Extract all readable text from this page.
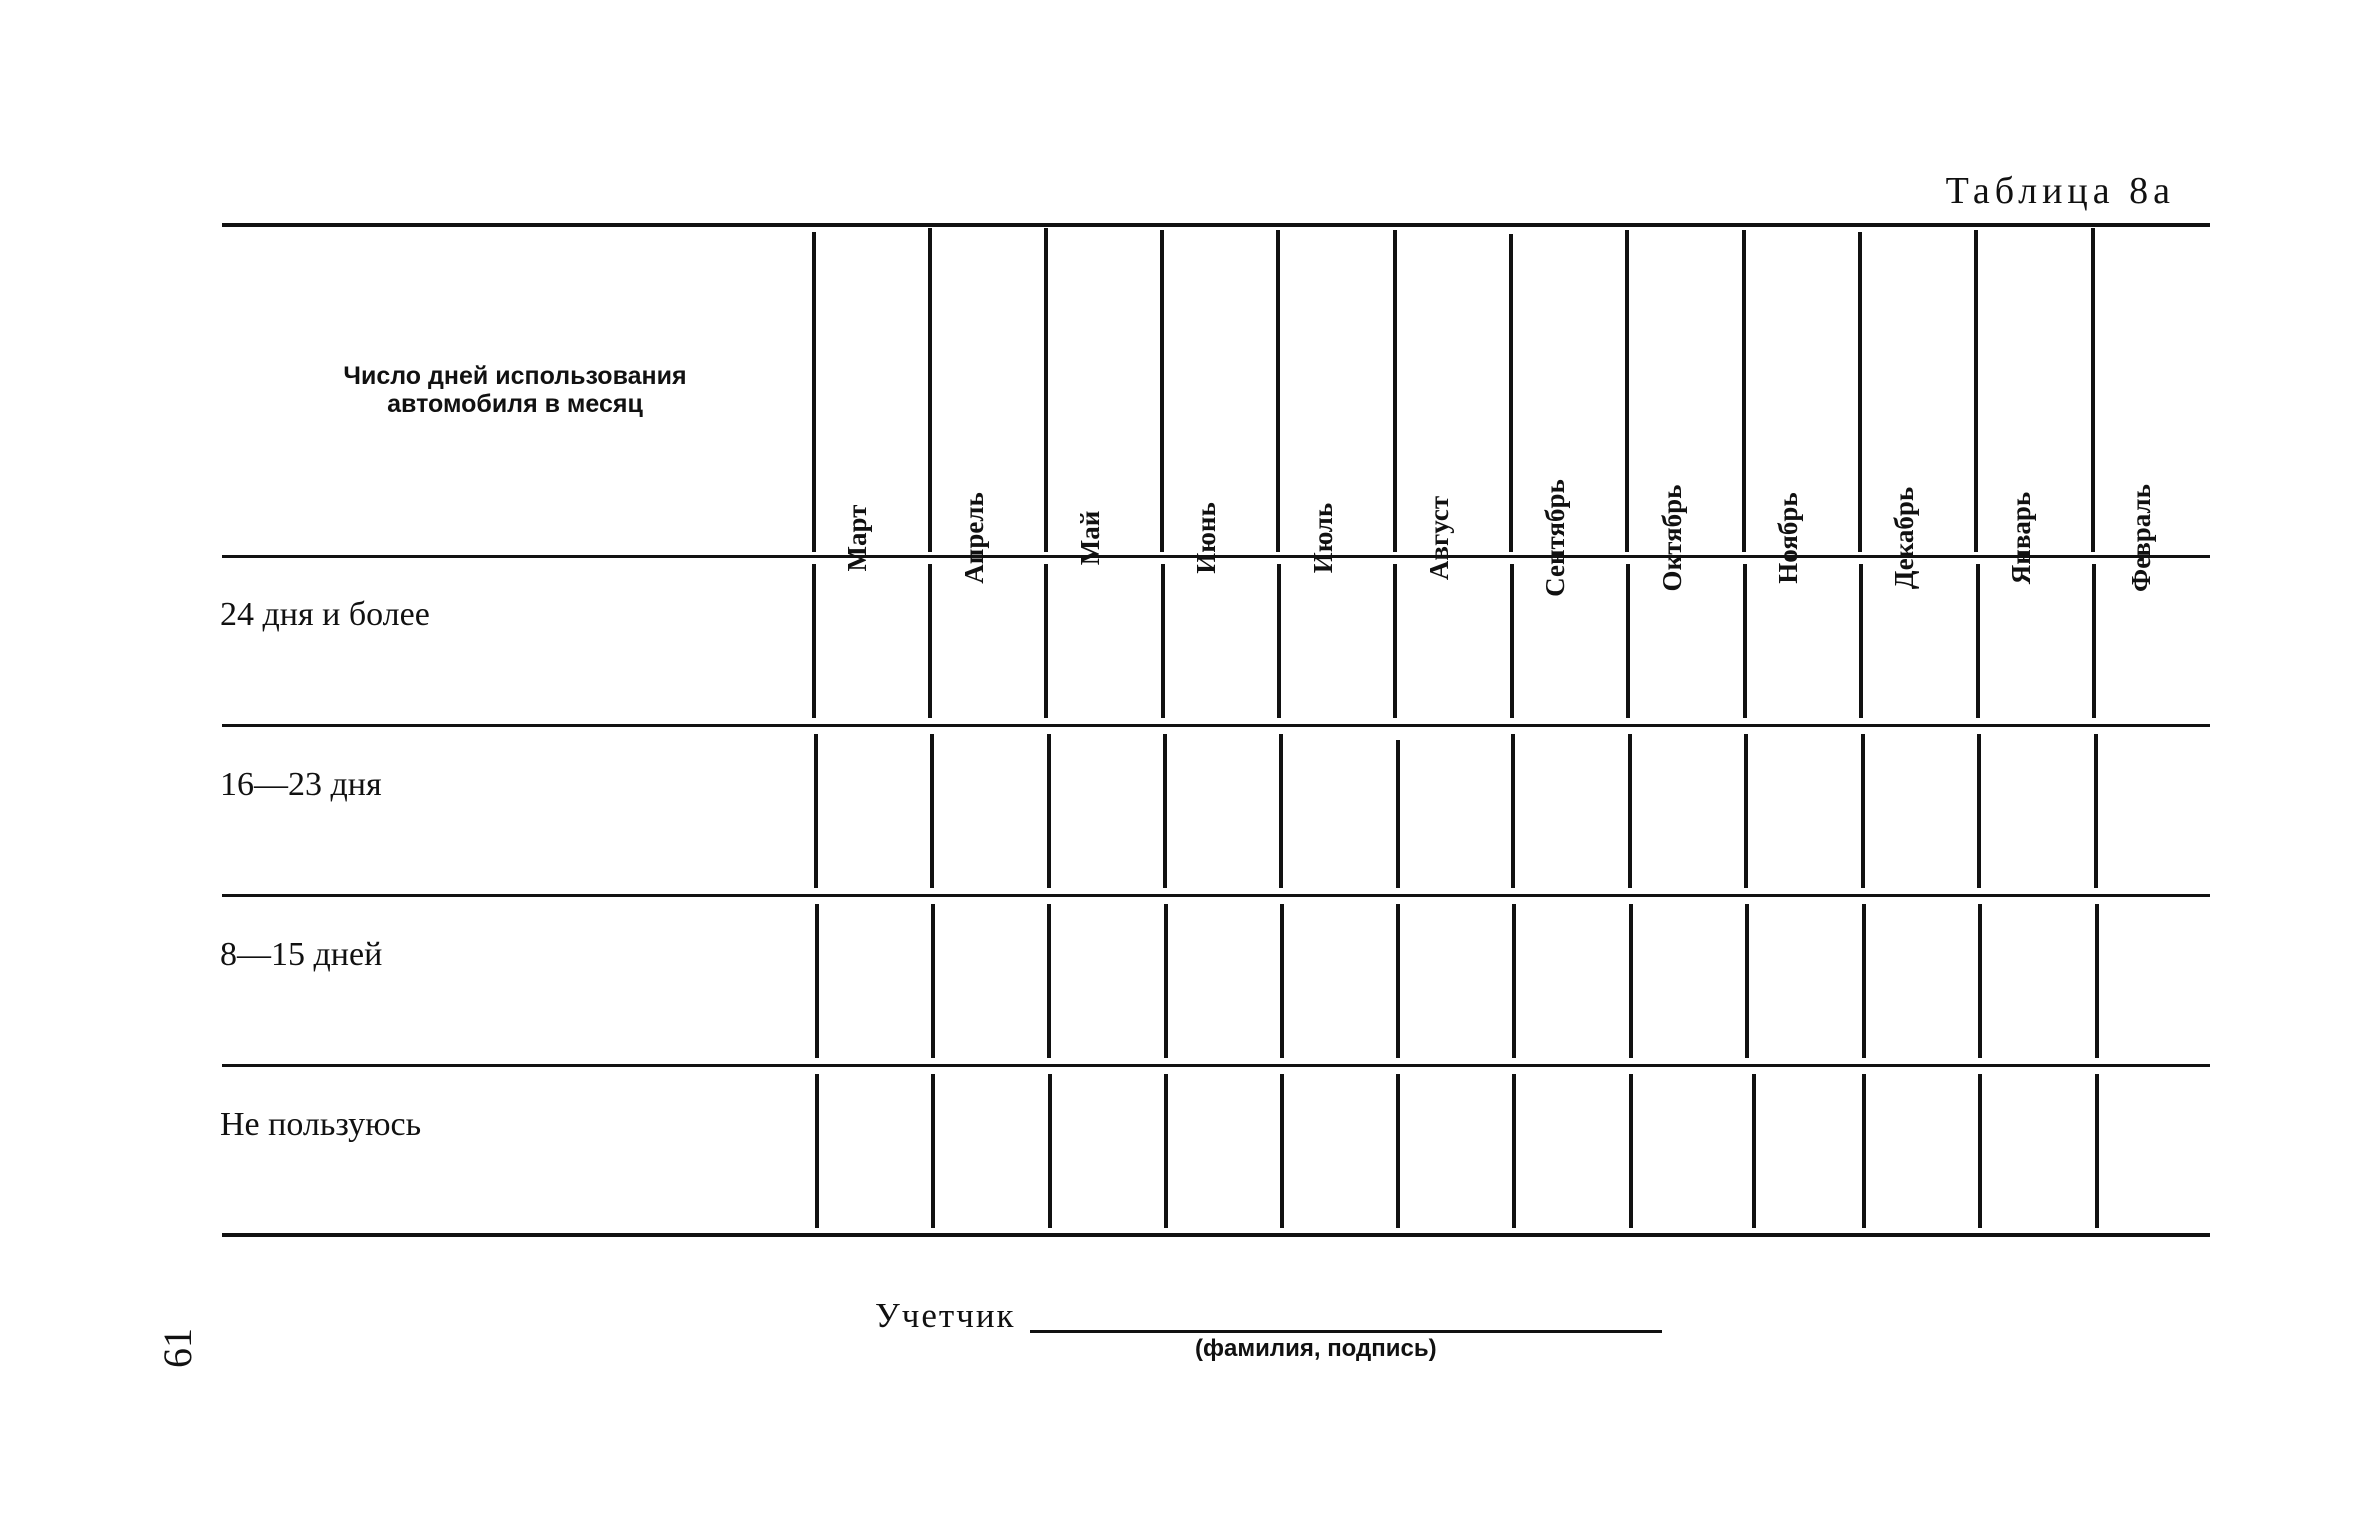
Таблица 8а
Число дней использования автомобиля в месяц
Март	Апрель	Май	Июнь	Июль	Август	Сентябрь	Октябрь	Ноябрь	Декабрь	Январь	Февраль
24 дня и более
16—23 дня
8—15 дней
Не пользуюсь
Учетчик
(фамилия, подпись)
61
